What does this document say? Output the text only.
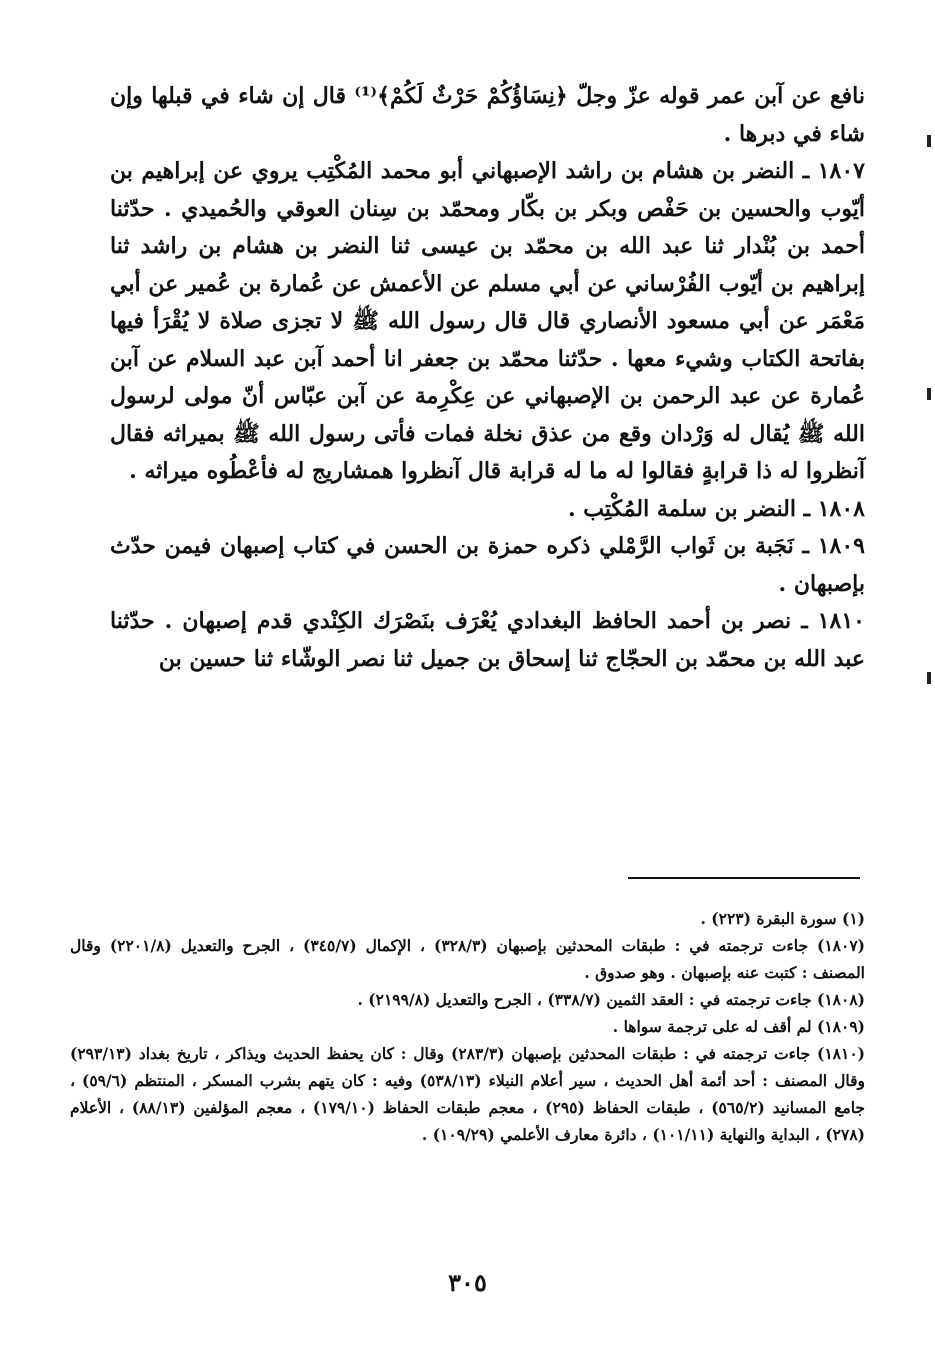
نافع عن آبن عمر قوله عزّ وجلّ ﴿نِسَاؤُكُمْ حَرْثٌ لَكُمْ﴾⁽¹⁾ قال إن شاء في قبلها وإن شاء في دبرها .

١٨٠٧ ـ النضر بن هشام بن راشد الإصبهاني أبو محمد المُكْتِب يروي عن إبراهيم بن أيّوب والحسين بن حَفْص وبكر بن بكّار ومحمّد بن سِنان العوقي والحُميدي . حدّثنا أحمد بن بُنْدار ثنا عبد الله بن محمّد بن عيسى ثنا النضر بن هشام بن راشد ثنا إبراهيم بن أيّوب الفُرْساني عن أبي مسلم عن الأعمش عن عُمارة بن عُمير عن أبي مَعْمَر عن أبي مسعود الأنصاري قال قال رسول الله ﷺ لا تجزى صلاة لا يُقْرَأ فيها بفاتحة الكتاب وشيء معها . حدّثنا محمّد بن جعفر انا أحمد آبن عبد السلام عن آبن عُمارة عن عبد الرحمن بن الإصبهاني عن عِكْرِمة عن آبن عبّاس أنّ مولى لرسول الله ﷺ يُقال له وَرْدان وقع من عذق نخلة فمات فأتى رسول الله ﷺ بميراثه فقال آنظروا له ذا قرابةٍ فقالوا له ما له قرابة قال آنظروا همشاريج له فأعْطُوه ميراثه .

١٨٠٨ ـ النضر بن سلمة المُكْتِب .

١٨٠٩ ـ نَجَبة بن ثَواب الرَّمْلي ذكره حمزة بن الحسن في كتاب إصبهان فيمن حدّث بإصبهان .

١٨١٠ ـ نصر بن أحمد الحافظ البغدادي يُعْرَف بنَصْرَك الكِنْدي قدم إصبهان . حدّثنا عبد الله بن محمّد بن الحجّاج ثنا إسحاق بن جميل ثنا نصر الوشّاء ثنا حسين بن

(١) سورة البقرة (٢٢٣) .

(١٨٠٧) جاءت ترجمته في : طبقات المحدثين بإصبهان (٣٢٨/٣) ، الإكمال (٣٤٥/٧) ، الجرح والتعديل (٢٢٠١/٨) وقال المصنف : كتبت عنه بإصبهان . وهو صدوق .

(١٨٠٨) جاءت ترجمته في : العقد الثمين (٣٣٨/٧) ، الجرح والتعديل (٢١٩٩/٨) .

(١٨٠٩) لم أقف له على ترجمة سواها .

(١٨١٠) جاءت ترجمته في : طبقات المحدثين بإصبهان (٢٨٣/٣) وقال : كان يحفظ الحديث ويذاكر ، تاريخ بغداد (٢٩٣/١٣) وقال المصنف : أحد أئمة أهل الحديث ، سير أعلام النبلاء (٥٣٨/١٣) وفيه : كان يتهم بشرب المسكر ، المنتظم (٥٩/٦) ، جامع المسانيد (٥٦٥/٢) ، طبقات الحفاظ (٢٩٥) ، معجم طبقات الحفاظ (١٧٩/١٠) ، معجم المؤلفين (٨٨/١٣) ، الأعلام (٢٧٨) ، البداية والنهاية (١٠١/١١) ، دائرة معارف الأعلمي (١٠٩/٢٩) .

٣٠٥
